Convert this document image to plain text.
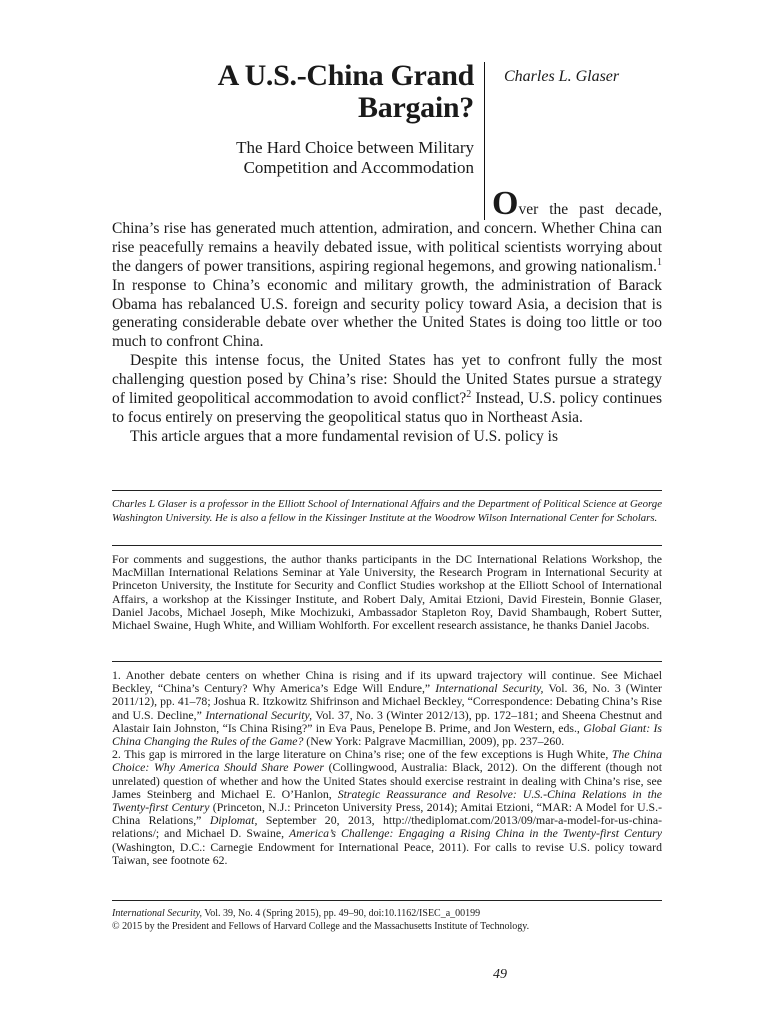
A U.S.-China Grand
Bargain?
The Hard Choice between Military
Competition and Accommodation
Charles L. Glaser

Over the past decade, China’s rise has generated much attention, admiration, and concern. Whether China can rise peacefully remains a heavily debated issue, with political scientists worrying about the dangers of power transitions, aspiring regional hegemons, and growing nationalism.$^1$ In response to China’s economic and military growth, the administration of Barack Obama has rebalanced U.S. foreign and security policy toward Asia, a decision that is generating considerable debate over whether the United States is doing too little or too much to confront China.

Despite this intense focus, the United States has yet to confront fully the most challenging question posed by China’s rise: Should the United States pursue a strategy of limited geopolitical accommodation to avoid conflict?$^2$ Instead, U.S. policy continues to focus entirely on preserving the geopolitical status quo in Northeast Asia.

This article argues that a more fundamental revision of U.S. policy is

Charles L Glaser is a professor in the Elliott School of International Affairs and the Department of Political Science at George Washington University. He is also a fellow in the Kissinger Institute at the Woodrow Wilson International Center for Scholars.
For comments and suggestions, the author thanks participants in the DC International Relations Workshop, the MacMillan International Relations Seminar at Yale University, the Research Program in International Security at Princeton University, the Institute for Security and Conflict Studies workshop at the Elliott School of International Affairs, a workshop at the Kissinger Institute, and Robert Daly, Amitai Etzioni, David Firestein, Bonnie Glaser, Daniel Jacobs, Michael Joseph, Mike Mochizuki, Ambassador Stapleton Roy, David Shambaugh, Robert Sutter, Michael Swaine, Hugh White, and William Wohlforth. For excellent research assistance, he thanks Daniel Jacobs.

1. Another debate centers on whether China is rising and if its upward trajectory will continue. See Michael Beckley, “China’s Century? Why America’s Edge Will Endure,” International Security, Vol. 36, No. 3 (Winter 2011/12), pp. 41–78; Joshua R. Itzkowitz Shifrinson and Michael Beckley, “Correspondence: Debating China’s Rise and U.S. Decline,” International Security, Vol. 37, No. 3 (Winter 2012/13), pp. 172–181; and Sheena Chestnut and Alastair Iain Johnston, “Is China Rising?” in Eva Paus, Penelope B. Prime, and Jon Western, eds., Global Giant: Is China Changing the Rules of the Game? (New York: Palgrave Macmillian, 2009), pp. 237–260.

2. This gap is mirrored in the large literature on China’s rise; one of the few exceptions is Hugh White, The China Choice: Why America Should Share Power (Collingwood, Australia: Black, 2012). On the different (though not unrelated) question of whether and how the United States should exercise restraint in dealing with China’s rise, see James Steinberg and Michael E. O’Hanlon, Strategic Reassurance and Resolve: U.S.-China Relations in the Twenty-first Century (Princeton, N.J.: Princeton University Press, 2014); Amitai Etzioni, “MAR: A Model for U.S.-China Relations,” Diplomat, September 20, 2013, http://thediplomat.com/2013/09/mar-a-model-for-us-china-relations/; and Michael D. Swaine, America’s Challenge: Engaging a Rising China in the Twenty-first Century (Washington, D.C.: Carnegie Endowment for International Peace, 2011). For calls to revise U.S. policy toward Taiwan, see footnote 62.

International Security, Vol. 39, No. 4 (Spring 2015), pp. 49–90, doi:10.1162/ISEC_a_00199
© 2015 by the President and Fellows of Harvard College and the Massachusetts Institute of Technology.
49
